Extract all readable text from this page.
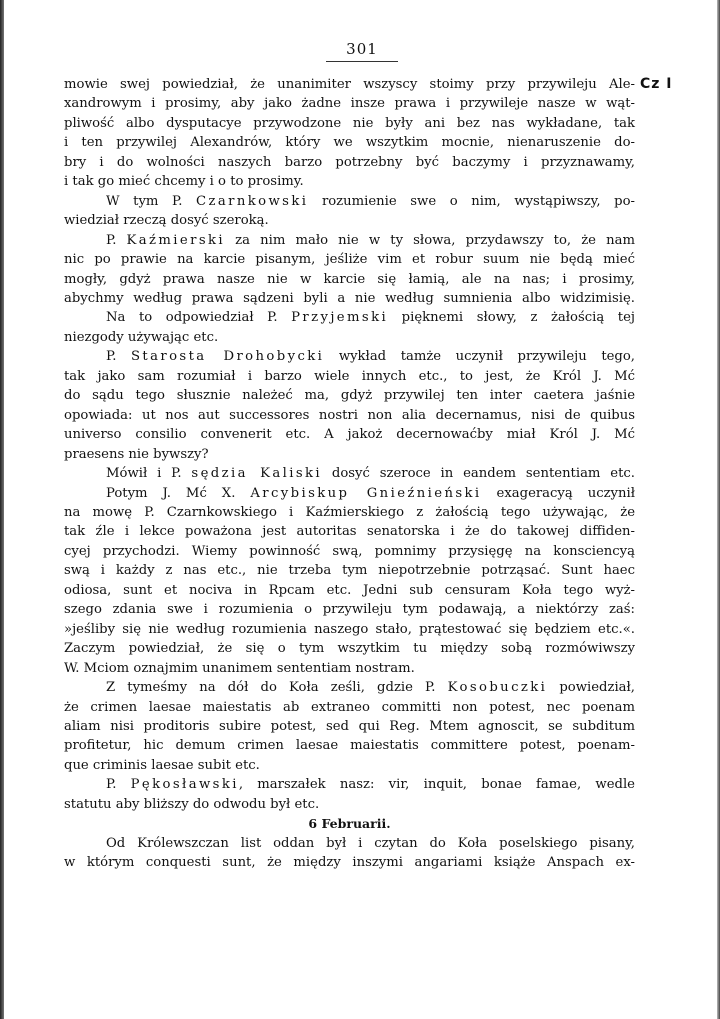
301
Cz I
mowie swej powiedział, że unanimiter wszyscy stoimy przy przywileju Ale-
xandrowym i prosimy, aby jako żadne insze prawa i przywileje nasze w wąt-
pliwość albo dysputacye przywodzone nie były ani bez nas wykładane, tak
i ten przywilej Alexandrów, który we wszytkim mocnie, nienaruszenie do-
bry i do wolności naszych barzo potrzebny być baczymy i przyznawamy,
i tak go mieć chcemy i o to prosimy.
W tym P. Czarnkowski rozumienie swe o nim, wystąpiwszy, po-
wiedział rzeczą dosyć szeroką.
P. Kaźmierski za nim mało nie w ty słowa, przydawszy to, że nam
nic po prawie na karcie pisanym, jeśliże vim et robur suum nie będą mieć
mogły, gdyż prawa nasze nie w karcie się łamią, ale na nas; i prosimy,
abychmy według prawa sądzeni byli a nie według sumnienia albo widzimisię.
Na to odpowiedział P. Przyjemski pięknemi słowy, z żałością tej
niezgody używając etc.
P. Starosta Drohobycki wykład tamże uczynił przywileju tego,
tak jako sam rozumiał i barzo wiele innych etc., to jest, że Król J. Mć
do sądu tego słusznie należeć ma, gdyż przywilej ten inter caetera jaśnie
opowiada: ut nos aut successores nostri non alia decernamus, nisi de quibus
universo consilio convenerit etc. A jakoż decernowaćby miał Król J. Mć
praesens nie bywszy?
Mówił i P. sędzia Kaliski dosyć szeroce in eandem sententiam etc.
Potym J. Mć X. Arcybiskup Gnieźnieński exageracyą uczynił
na mowę P. Czarnkowskiego i Kaźmierskiego z żałością tego używając, że
tak źle i lekce poważona jest autoritas senatorska i że do takowej diffiden-
cyej przychodzi. Wiemy powinność swą, pomnimy przysięgę na konsciencyą
swą i każdy z nas etc., nie trzeba tym niepotrzebnie potrząsać. Sunt haec
odiosa, sunt et nociva in Rpcam etc. Jedni sub censuram Koła tego wyż-
szego zdania swe i rozumienia o przywileju tym podawają, a niektórzy zaś:
»jeśliby się nie według rozumienia naszego stało, prątestować się będziem etc.«.
Zaczym powiedział, że się o tym wszytkim tu między sobą rozmówiwszy
W. Mciom oznajmim unanimem sententiam nostram.
Z tymeśmy na dół do Koła ześli, gdzie P. Kosobuczki powiedział,
że crimen laesae maiestatis ab extraneo committi non potest, nec poenam
aliam nisi proditoris subire potest, sed qui Reg. Mtem agnoscit, se subditum
profitetur, hic demum crimen laesae maiestatis committere potest, poenam-
que criminis laesae subit etc.
P. Pękosławski, marszałek nasz: vir, inquit, bonae famae, wedle
statutu aby bliższy do odwodu był etc.
6 Februarii.
Od Królewszczan list oddan był i czytan do Koła poselskiego pisany,
w którym conquesti sunt, że między inszymi angariami książe Anspach ex-
